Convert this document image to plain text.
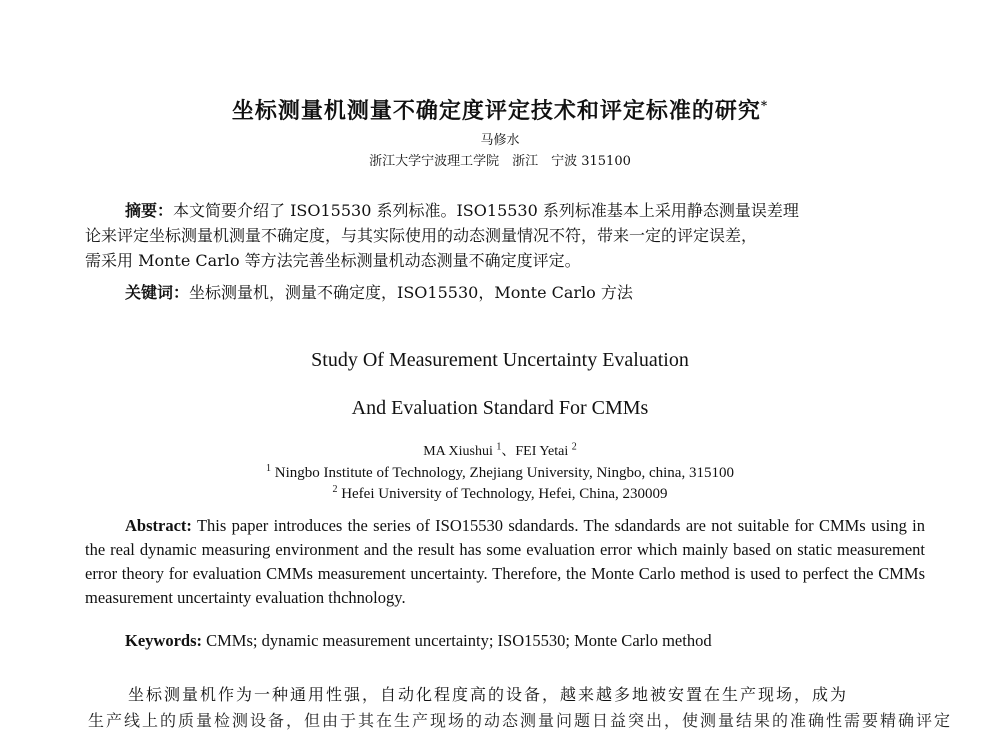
坐标测量机测量不确定度评定技术和评定标准的研究*
马修水
浙江大学宁波理工学院　浙江　宁波 315100
摘要：本文简要介绍了 ISO15530 系列标准。ISO15530 系列标准基本上采用静态测量误差理
论来评定坐标测量机测量不确定度，与其实际使用的动态测量情况不符，带来一定的评定误差，
需采用 Monte Carlo 等方法完善坐标测量机动态测量不确定度评定。
关键词：坐标测量机，测量不确定度，ISO15530，Monte Carlo 方法
Study Of Measurement Uncertainty Evaluation
And Evaluation Standard For CMMs
MA Xiushui $^1$、FEI Yetai $^2$
$^1$ Ningbo Institute of Technology, Zhejiang University, Ningbo, china, 315100
$^2$ Hefei University of Technology, Hefei, China, 230009
Abstract: This paper introduces the series of ISO15530 sdandards. The sdandards are not suitable for CMMs using in the real dynamic measuring environment and the result has some evaluation error which mainly based on static measurement error theory for evaluation CMMs measurement uncertainty. Therefore, the Monte Carlo method is used to perfect the CMMs measurement uncertainty evaluation thchnology.
Keywords: CMMs; dynamic measurement uncertainty; ISO15530; Monte Carlo method
坐标测量机作为一种通用性强，自动化程度高的设备，越来越多地被安置在生产现场，成为
生产线上的质量检测设备，但由于其在生产现场的动态测量问题日益突出，使测量结果的准确性需要精确评定
